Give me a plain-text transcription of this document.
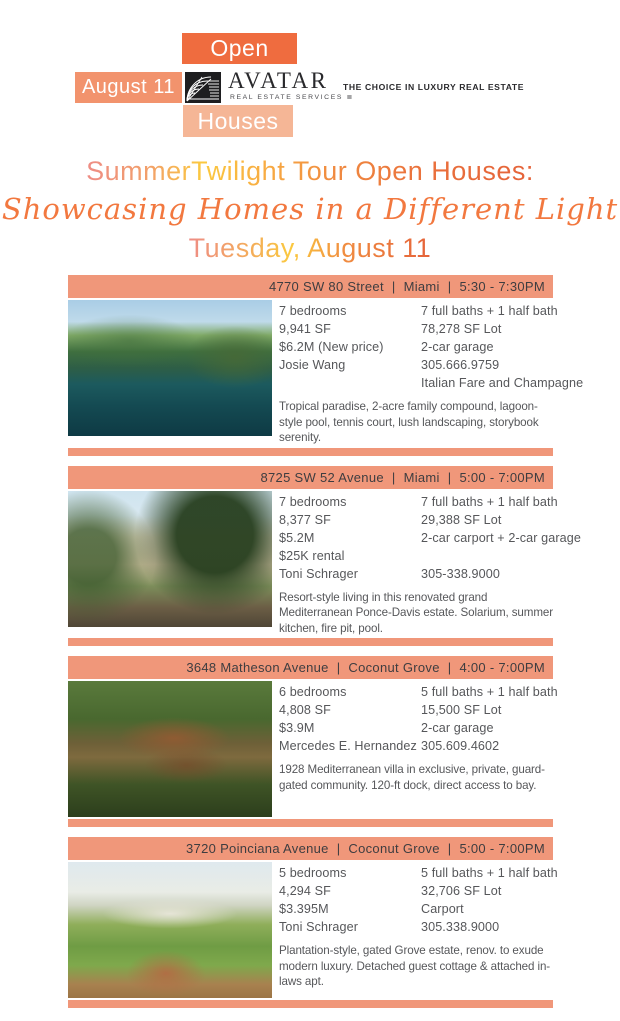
Open
August 11 AVATAR
REAL ESTATE SERVICES ≣
THE CHOICE IN LUXURY REAL ESTATE
Houses
SummerTwilight Tour Open Houses:
Showcasing Homes in a Different Light
Tuesday, August 11
4770 SW 80 Street | Miami | 5:30 - 7:30PM
7 bedrooms
9,941 SF
$6.2M (New price)
Josie Wang
7 full baths + 1 half bath
78,278 SF Lot
2-car garage
305.666.9759
Italian Fare and Champagne

Tropical paradise, 2-acre family compound, lagoon-style pool, tennis court, lush landscaping, storybook serenity.

8725 SW 52 Avenue | Miami | 5:00 - 7:00PM
7 bedrooms
8,377 SF
$5.2M
$25K rental
Toni Schrager
7 full baths + 1 half bath
29,388 SF Lot
2-car carport + 2-car garage
305-338.9000

Resort-style living in this renovated grand Mediterranean Ponce-Davis estate. Solarium, summer kitchen, fire pit, pool.

3648 Matheson Avenue | Coconut Grove | 4:00 - 7:00PM
6 bedrooms
4,808 SF
$3.9M
Mercedes E. Hernandez
5 full baths + 1 half bath
15,500 SF Lot
2-car garage
305.609.4602

1928 Mediterranean villa in exclusive, private, guard-gated community. 120-ft dock, direct access to bay.

3720 Poinciana Avenue | Coconut Grove | 5:00 - 7:00PM
5 bedrooms
4,294 SF
$3.395M
Toni Schrager
5 full baths + 1 half bath
32,706 SF Lot
Carport
305.338.9000

Plantation-style, gated Grove estate, renov. to exude modern luxury. Detached guest cottage & attached in-laws apt.
